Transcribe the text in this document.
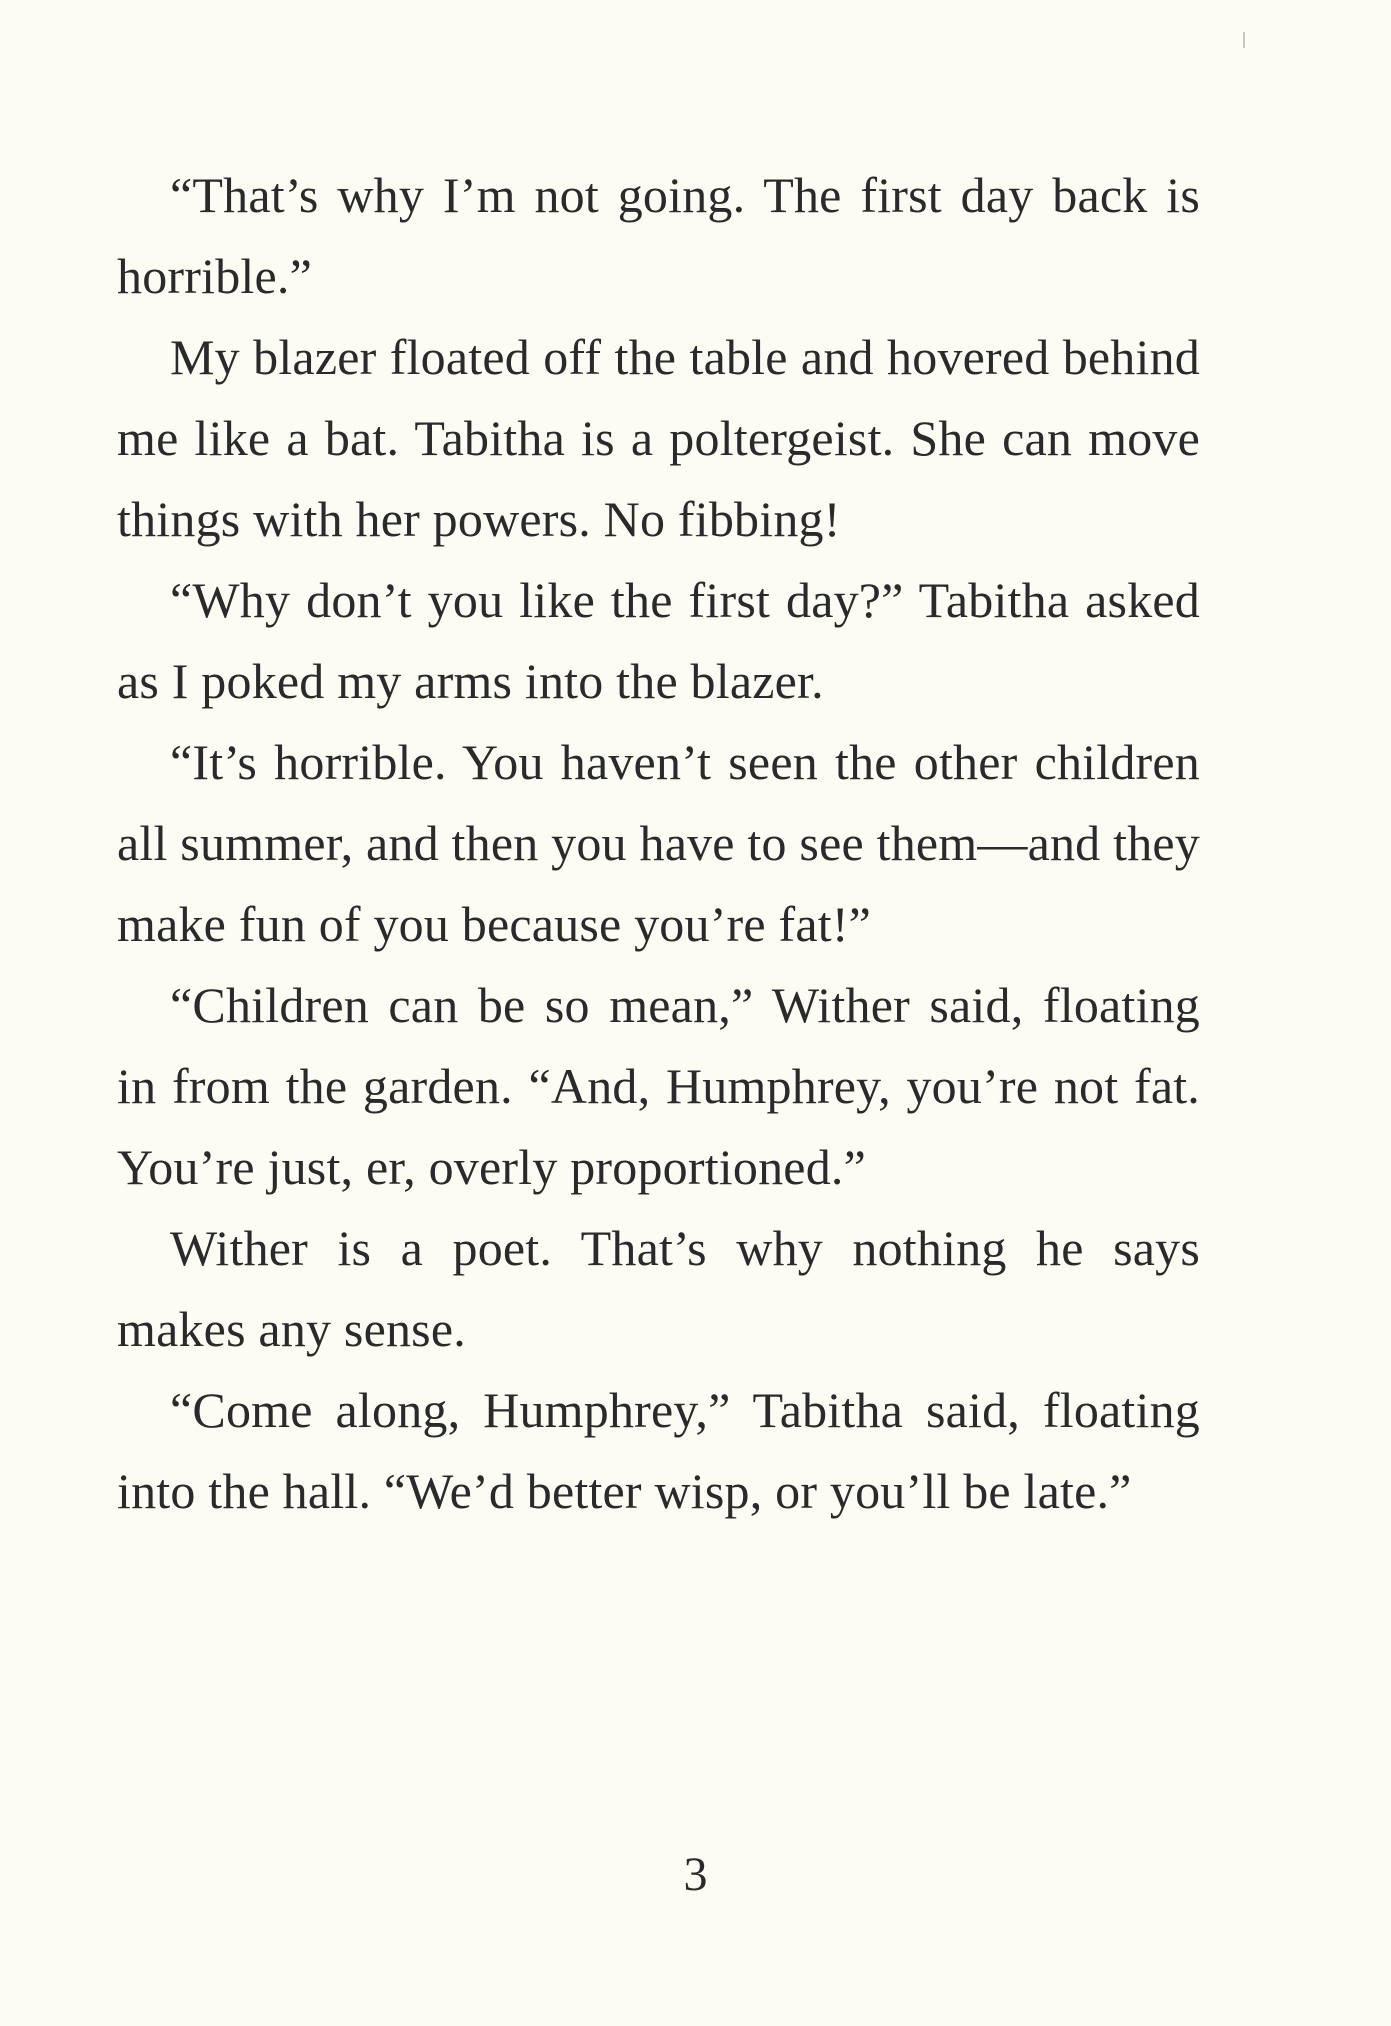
“That’s why I’m not going. The first day back is horrible.”

My blazer floated off the table and hovered behind me like a bat. Tabitha is a poltergeist. She can move things with her powers. No fibbing!

“Why don’t you like the first day?” Tabitha asked as I poked my arms into the blazer.

“It’s horrible. You haven’t seen the other children all summer, and then you have to see them—and they make fun of you because you’re fat!”

“Children can be so mean,” Wither said, floating in from the garden. “And, Humphrey, you’re not fat. You’re just, er, overly proportioned.”

Wither is a poet. That’s why nothing he says makes any sense.

“Come along, Humphrey,” Tabitha said, floating into the hall. “We’d better wisp, or you’ll be late.”

3
